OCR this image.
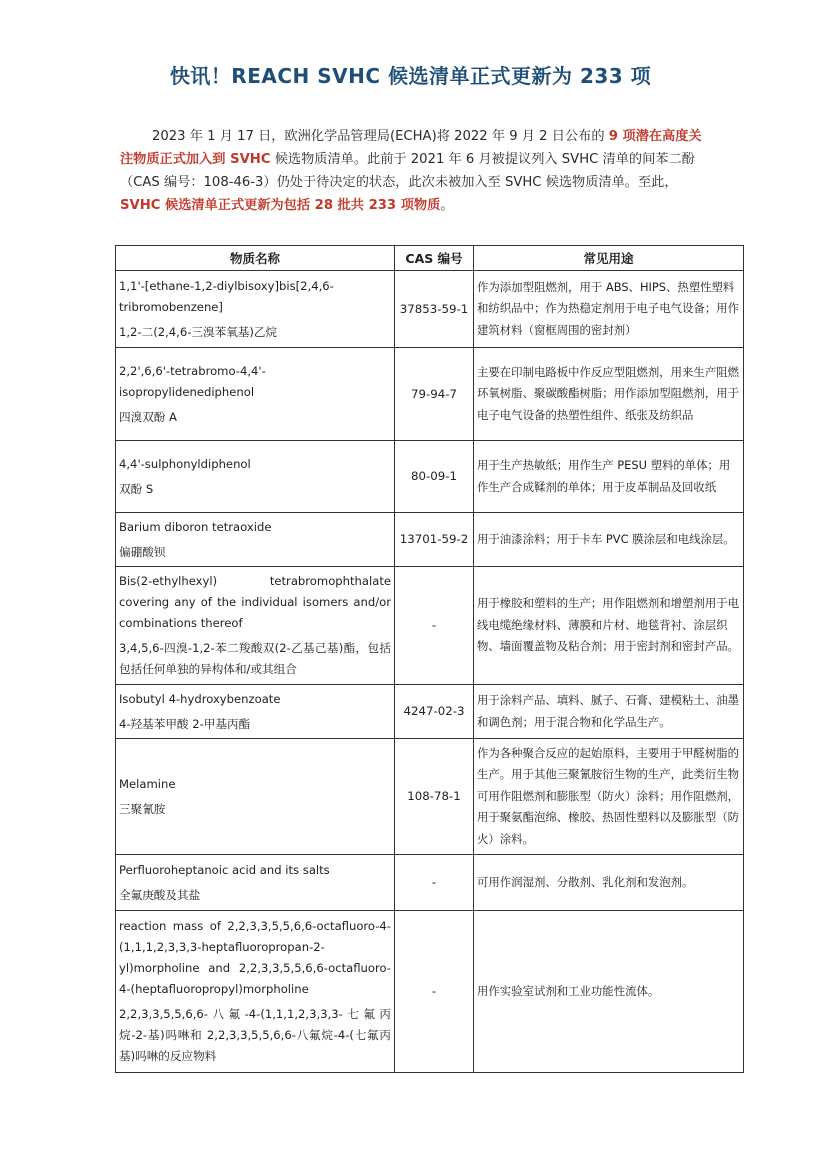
快讯！REACH SVHC 候选清单正式更新为 233 项
2023 年 1 月 17 日，欧洲化学品管理局(ECHA)将 2022 年 9 月 2 日公布的 9 项潜在高度关注物质正式加入到 SVHC 候选物质清单。此前于 2021 年 6 月被提议列入 SVHC 清单的间苯二酚（CAS 编号：108-46-3）仍处于待决定的状态，此次未被加入至 SVHC 候选物质清单。至此，SVHC 候选清单正式更新为包括 28 批共 233 项物质。
物质名称	CAS 编号	常见用途

1,1'-[ethane-1,2-diylbisoxy]bis[2,4,6-tribromobenzene]
1,2-二(2,4,6-三溴苯氧基)乙烷	37853-59-1	作为添加型阻燃剂，用于 ABS、HIPS、热塑性塑料和纺织品中；作为热稳定剂用于电子电气设备；用作建筑材料（窗框周围的密封剂）

2,2',6,6'-tetrabromo-4,4'-isopropylidenediphenol
四溴双酚 A	79-94-7	主要在印制电路板中作反应型阻燃剂，用来生产阻燃环氧树脂、聚碳酸酯树脂；用作添加型阻燃剂，用于电子电气设备的热塑性组件、纸张及纺织品

4,4'-sulphonyldiphenol
双酚 S	80-09-1	用于生产热敏纸；用作生产 PESU 塑料的单体；用作生产合成鞣剂的单体；用于皮革制品及回收纸

Barium diboron tetraoxide
偏硼酸钡	13701-59-2	用于油漆涂料；用于卡车 PVC 膜涂层和电线涂层。

Bis(2-ethylhexyl) tetrabromophthalate covering any of the individual isomers and/or combinations thereof
3,4,5,6-四溴-1,2-苯二羧酸双(2-乙基己基)酯，包括包括任何单独的异构体和/或其组合	-	用于橡胶和塑料的生产；用作阻燃剂和增塑剂用于电线电缆绝缘材料、薄膜和片材、地毯背衬、涂层织物、墙面覆盖物及粘合剂；用于密封剂和密封产品。

Isobutyl 4-hydroxybenzoate
4-羟基苯甲酸 2-甲基丙酯	4247-02-3	用于涂料产品、填料、腻子、石膏、建模粘土、油墨和调色剂；用于混合物和化学品生产。

Melamine
三聚氰胺	108-78-1	作为各种聚合反应的起始原料，主要用于甲醛树脂的生产。用于其他三聚氰胺衍生物的生产，此类衍生物可用作阻燃剂和膨胀型（防火）涂料；用作阻燃剂，用于聚氨酯泡绵、橡胶、热固性塑料以及膨胀型（防火）涂料。

Perfluoroheptanoic acid and its salts
全氟庚酸及其盐	-	可用作润湿剂、分散剂、乳化剂和发泡剂。

reaction mass of 2,2,3,3,5,5,6,6-octafluoro-4-(1,1,1,2,3,3,3-heptafluoropropan-2-yl)morpholine and 2,2,3,3,5,5,6,6-octafluoro-4-(heptafluoropropyl)morpholine
2,2,3,3,5,5,6,6-八氟-4-(1,1,1,2,3,3,3-七氟丙烷-2-基)吗啉和 2,2,3,3,5,5,6,6-八氟烷-4-(七氟丙基)吗啉的反应物料	-	用作实验室试剂和工业功能性流体。
